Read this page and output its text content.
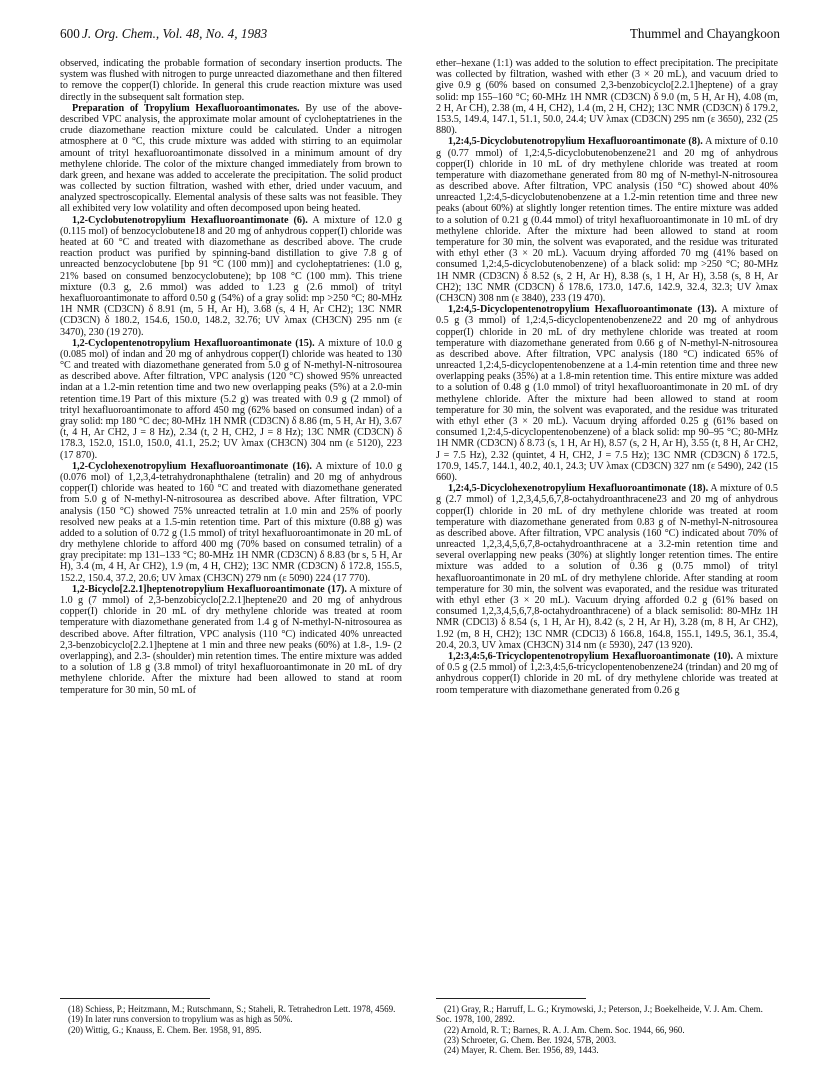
600 J. Org. Chem., Vol. 48, No. 4, 1983	Thummel and Chayangkoon

observed, indicating the probable formation of secondary insertion products. The system was flushed with nitrogen to purge unreacted diazomethane and then filtered to remove the copper(I) chloride. In general this crude reaction mixture was used directly in the subsequent salt formation step.

Preparation of Tropylium Hexafluoroantimonates. By use of the above-described VPC analysis, the approximate molar amount of cycloheptatrienes in the crude diazomethane reaction mixture could be calculated. Under a nitrogen atmosphere at 0 °C, this crude mixture was added with stirring to an equimolar amount of trityl hexafluoroantimonate dissolved in a minimum amount of dry methylene chloride. The color of the mixture changed immediately from brown to dark green, and hexane was added to accelerate the precipitation. The solid product was collected by suction filtration, washed with ether, dried under vacuum, and analyzed spectroscopically. Elemental analysis of these salts was not feasible. They all exhibited very low volatility and often decomposed upon being heated.

1,2-Cyclobutenotropylium Hexafluoroantimonate (6). A mixture of 12.0 g (0.115 mol) of benzocyclobutene18 and 20 mg of anhydrous copper(I) chloride was heated at 60 °C and treated with diazomethane as described above. The crude reaction product was purified by spinning-band distillation to give 7.8 g of unreacted benzocyclobutene [bp 91 °C (100 mm)] and cycloheptatrienes: (1.0 g, 21% based on consumed benzocyclobutene); bp 108 °C (100 mm). This triene mixture (0.3 g, 2.6 mmol) was added to 1.23 g (2.6 mmol) of trityl hexafluoroantimonate to afford 0.50 g (54%) of a gray solid: mp >250 °C; 80-MHz 1H NMR (CD3CN) δ 8.91 (m, 5 H, Ar H), 3.68 (s, 4 H, Ar CH2); 13C NMR (CD3CN) δ 180.2, 154.6, 150.0, 148.2, 32.76; UV λmax (CH3CN) 295 nm (ε 3470), 230 (19 270).

1,2-Cyclopentenotropylium Hexafluoroantimonate (15). A mixture of 10.0 g (0.085 mol) of indan and 20 mg of anhydrous copper(I) chloride was heated to 130 °C and treated with diazomethane generated from 5.0 g of N-methyl-N-nitrosourea as described above. After filtration, VPC analysis (120 °C) showed 95% unreacted indan at a 1.2-min retention time and two new overlapping peaks (5%) at a 2.0-min retention time.19 Part of this mixture (5.2 g) was treated with 0.9 g (2 mmol) of trityl hexafluoroantimonate to afford 450 mg (62% based on consumed indan) of a gray solid: mp 180 °C dec; 80-MHz 1H NMR (CD3CN) δ 8.86 (m, 5 H, Ar H), 3.67 (t, 4 H, Ar CH2, J = 8 Hz), 2.34 (t, 2 H, CH2, J = 8 Hz); 13C NMR (CD3CN) δ 178.3, 152.0, 151.0, 150.0, 41.1, 25.2; UV λmax (CH3CN) 304 nm (ε 5120), 223 (17 870).

1,2-Cyclohexenotropylium Hexafluoroantimonate (16). A mixture of 10.0 g (0.076 mol) of 1,2,3,4-tetrahydronaphthalene (tetralin) and 20 mg of anhydrous copper(I) chloride was heated to 160 °C and treated with diazomethane generated from 5.0 g of N-methyl-N-nitrosourea as described above. After filtration, VPC analysis (150 °C) showed 75% unreacted tetralin at 1.0 min and 25% of poorly resolved new peaks at a 1.5-min retention time. Part of this mixture (0.88 g) was added to a solution of 0.72 g (1.5 mmol) of trityl hexafluoroantimonate in 20 mL of dry methylene chloride to afford 400 mg (70% based on consumed tetralin) of a gray precipitate: mp 131–133 °C; 80-MHz 1H NMR (CD3CN) δ 8.83 (br s, 5 H, Ar H), 3.4 (m, 4 H, Ar CH2), 1.9 (m, 4 H, CH2); 13C NMR (CD3CN) δ 172.8, 155.5, 152.2, 150.4, 37.2, 20.6; UV λmax (CH3CN) 279 nm (ε 5090) 224 (17 770).

1,2-Bicyclo[2.2.1]heptenotropylium Hexafluoroantimonate (17). A mixture of 1.0 g (7 mmol) of 2,3-benzobicyclo[2.2.1]heptene20 and 20 mg of anhydrous copper(I) chloride in 20 mL of dry methylene chloride was treated at room temperature with diazomethane generated from 1.4 g of N-methyl-N-nitrosourea as described above. After filtration, VPC analysis (110 °C) indicated 40% unreacted 2,3-benzobicyclo[2.2.1]heptene at 1 min and three new peaks (60%) at 1.8-, 1.9- (2 overlapping), and 2.3- (shoulder) min retention times. The entire mixture was added to a solution of 1.8 g (3.8 mmol) of trityl hexafluoroantimonate in 20 mL of dry methylene chloride. After the mixture had been allowed to stand at room temperature for 30 min, 50 mL of

ether–hexane (1:1) was added to the solution to effect precipitation. The precipitate was collected by filtration, washed with ether (3 × 20 mL), and vacuum dried to give 0.9 g (60% based on consumed 2,3-benzobicyclo[2.2.1]heptene) of a gray solid: mp 155–160 °C; 60-MHz 1H NMR (CD3CN) δ 9.0 (m, 5 H, Ar H), 4.08 (m, 2 H, Ar CH), 2.38 (m, 4 H, CH2), 1.4 (m, 2 H, CH2); 13C NMR (CD3CN) δ 179.2, 153.5, 149.4, 147.1, 51.1, 50.0, 24.4; UV λmax (CD3CN) 295 nm (ε 3650), 232 (25 880).

1,2:4,5-Dicyclobutenotropylium Hexafluoroantimonate (8). A mixture of 0.10 g (0.77 mmol) of 1,2:4,5-dicyclobutenobenzene21 and 20 mg of anhydrous copper(I) chloride in 10 mL of dry methylene chloride was treated at room temperature with diazomethane generated from 80 mg of N-methyl-N-nitrosourea as described above. After filtration, VPC analysis (150 °C) showed about 40% unreacted 1,2:4,5-dicyclobutenobenzene at a 1.2-min retention time and three new peaks (about 60%) at slightly longer retention times. The entire mixture was added to a solution of 0.21 g (0.44 mmol) of trityl hexafluoroantimonate in 10 mL of dry methylene chloride. After the mixture had been allowed to stand at room temperature for 30 min, the solvent was evaporated, and the residue was triturated with ethyl ether (3 × 20 mL). Vacuum drying afforded 70 mg (41% based on consumed 1,2:4,5-dicyclobutenobenzene) of a black solid: mp >250 °C; 80-MHz 1H NMR (CD3CN) δ 8.52 (s, 2 H, Ar H), 8.38 (s, 1 H, Ar H), 3.58 (s, 8 H, Ar CH2); 13C NMR (CD3CN) δ 178.6, 173.0, 147.6, 142.9, 32.4, 32.3; UV λmax (CH3CN) 308 nm (ε 3840), 233 (19 470).

1,2:4,5-Dicyclopentenotropylium Hexafluoroantimonate (13). A mixture of 0.5 g (3 mmol) of 1,2:4,5-dicyclopentenobenzene22 and 20 mg of anhydrous copper(I) chloride in 20 mL of dry methylene chloride was treated at room temperature with diazomethane generated from 0.66 g of N-methyl-N-nitrosourea as described above. After filtration, VPC analysis (180 °C) indicated 65% of unreacted 1,2:4,5-dicyclopentenobenzene at a 1.4-min retention time and three new overlapping peaks (35%) at a 1.8-min retention time. This entire mixture was added to a solution of 0.48 g (1.0 mmol) of trityl hexafluoroantimonate in 20 mL of dry methylene chloride. After the mixture had been allowed to stand at room temperature for 30 min, the solvent was evaporated, and the residue was triturated with ethyl ether (3 × 20 mL). Vacuum drying afforded 0.25 g (61% based on consumed 1,2:4,5-dicyclopentenobenzene) of a black solid: mp 90–95 °C; 80-MHz 1H NMR (CD3CN) δ 8.73 (s, 1 H, Ar H), 8.57 (s, 2 H, Ar H), 3.55 (t, 8 H, Ar CH2, J = 7.5 Hz), 2.32 (quintet, 4 H, CH2, J = 7.5 Hz); 13C NMR (CD3CN) δ 172.5, 170.9, 145.7, 144.1, 40.2, 40.1, 24.3; UV λmax (CD3CN) 327 nm (ε 5490), 242 (15 660).

1,2:4,5-Dicyclohexenotropylium Hexafluoroantimonate (18). A mixture of 0.5 g (2.7 mmol) of 1,2,3,4,5,6,7,8-octahydroanthracene23 and 20 mg of anhydrous copper(I) chloride in 20 mL of dry methylene chloride was treated at room temperature with diazomethane generated from 0.83 g of N-methyl-N-nitrosourea as described above. After filtration, VPC analysis (160 °C) indicated about 70% of unreacted 1,2,3,4,5,6,7,8-octahydroanthracene at a 3.2-min retention time and several overlapping new peaks (30%) at slightly longer retention times. The entire mixture was added to a solution of 0.36 g (0.75 mmol) of trityl hexafluoroantimonate in 20 mL of dry methylene chloride. After standing at room temperature for 30 min, the solvent was evaporated, and the residue was triturated with ethyl ether (3 × 20 mL). Vacuum drying afforded 0.2 g (61% based on consumed 1,2,3,4,5,6,7,8-octahydroanthracene) of a black semisolid: 80-MHz 1H NMR (CDCl3) δ 8.54 (s, 1 H, Ar H), 8.42 (s, 2 H, Ar H), 3.28 (m, 8 H, Ar CH2), 1.92 (m, 8 H, CH2); 13C NMR (CDCl3) δ 166.8, 164.8, 155.1, 149.5, 36.1, 35.4, 20.4, 20.3, UV λmax (CH3CN) 314 nm (ε 5930), 247 (13 920).

1,2:3,4:5,6-Tricyclopentenotropylium Hexafluoroantimonate (10). A mixture of 0.5 g (2.5 mmol) of 1,2:3,4:5,6-tricyclopentenobenzene24 (trindan) and 20 mg of anhydrous copper(I) chloride in 20 mL of dry methylene chloride was treated at room temperature with diazomethane generated from 0.26 g

(18) Schiess, P.; Heitzmann, M.; Rutschmann, S.; Staheli, R. Tetrahedron Lett. 1978, 4569.
(19) In later runs conversion to tropylium was as high as 50%.
(20) Wittig, G.; Knauss, E. Chem. Ber. 1958, 91, 895.
(21) Gray, R.; Harruff, L. G.; Krymowski, J.; Peterson, J.; Boekelheide, V. J. Am. Chem. Soc. 1978, 100, 2892.
(22) Arnold, R. T.; Barnes, R. A. J. Am. Chem. Soc. 1944, 66, 960.
(23) Schroeter, G. Chem. Ber. 1924, 57B, 2003.
(24) Mayer, R. Chem. Ber. 1956, 89, 1443.
